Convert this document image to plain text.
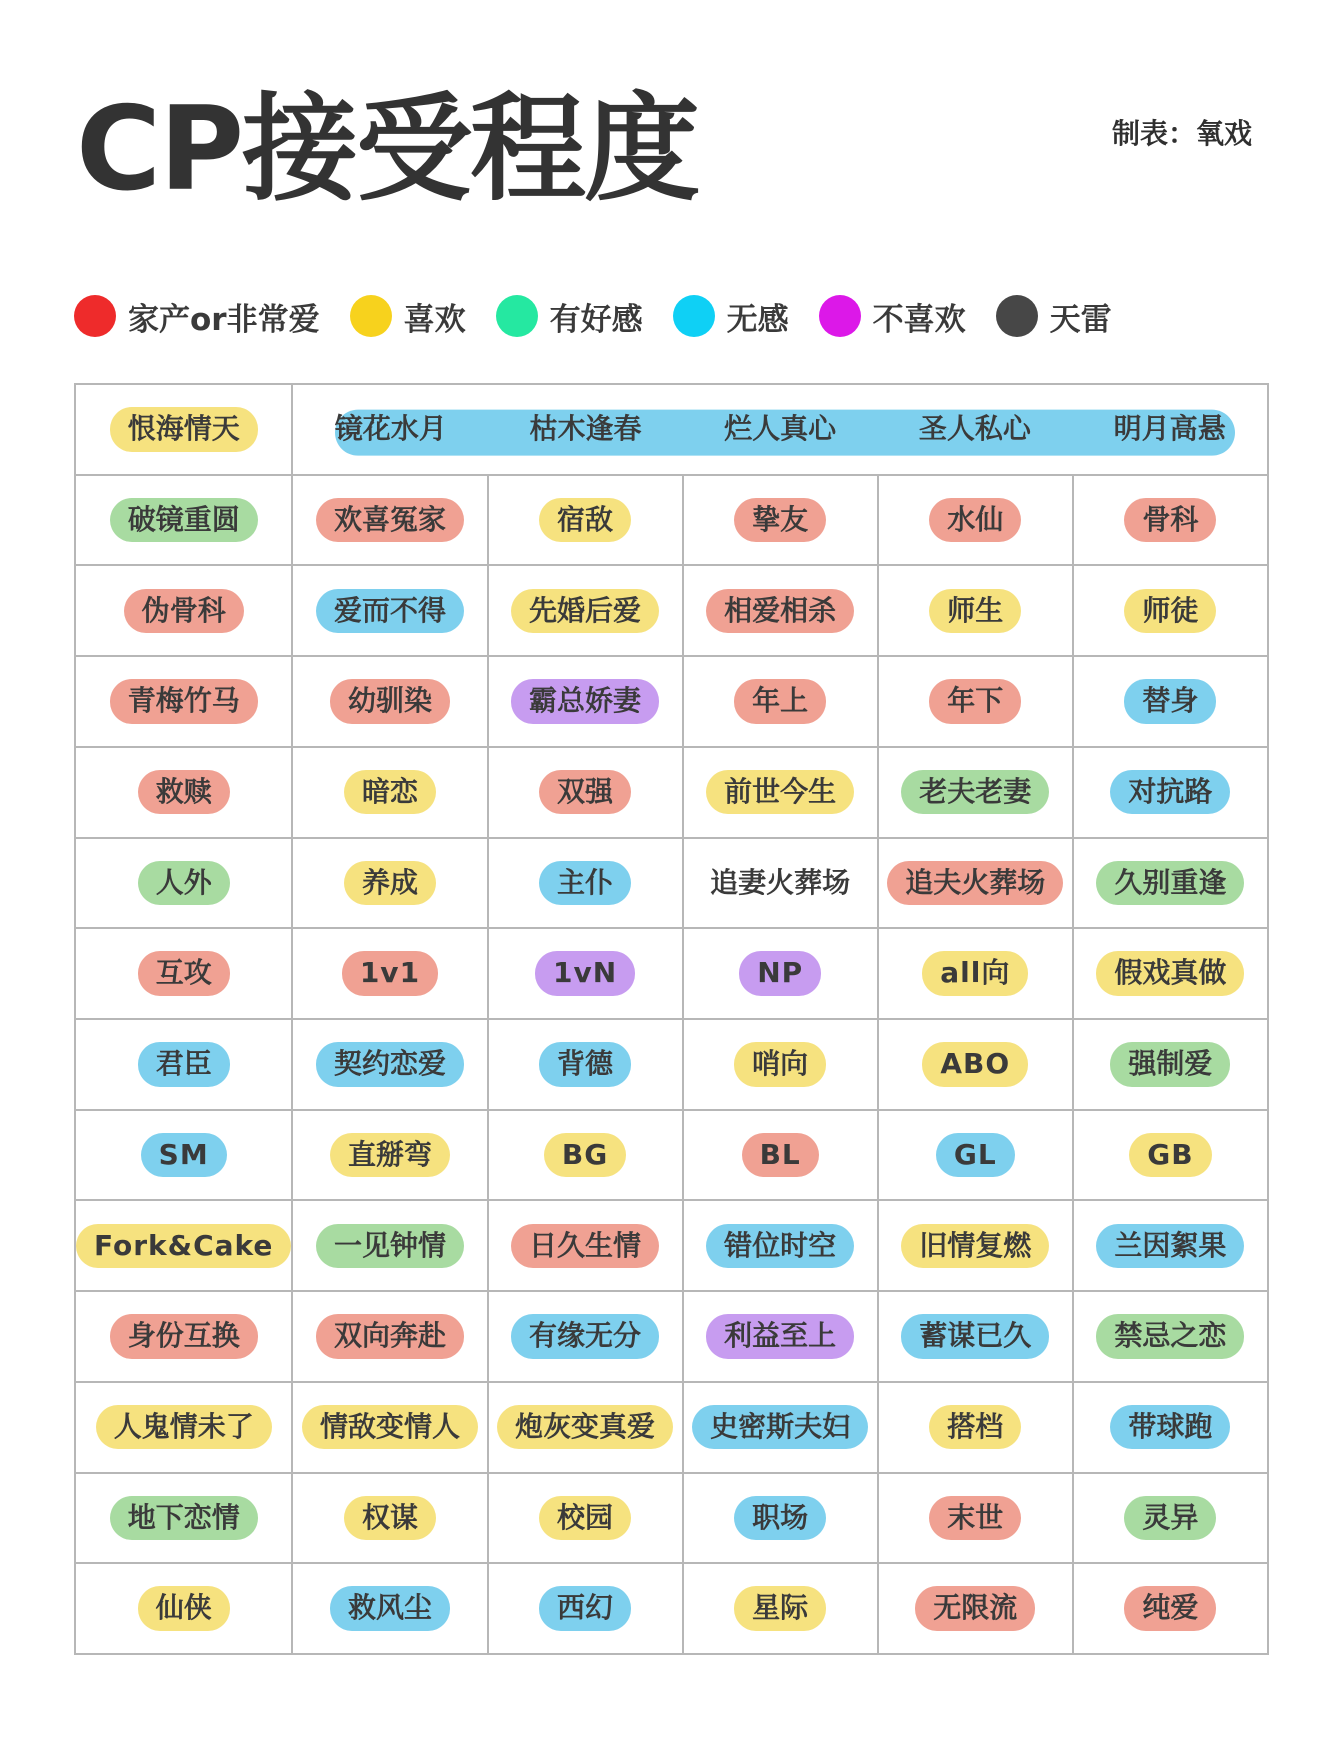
CP接受程度	制表：氧戏
家产or非常爱	喜欢	有好感	无感	不喜欢	天雷
恨海情天	镜花水月	枯木逢春	烂人真心	圣人私心	明月高悬
破镜重圆	欢喜冤家	宿敌	挚友	水仙	骨科
伪骨科	爱而不得	先婚后爱	相爱相杀	师生	师徒
青梅竹马	幼驯染	霸总娇妻	年上	年下	替身
救赎	暗恋	双强	前世今生	老夫老妻	对抗路
人外	养成	主仆	追妻火葬场	追夫火葬场	久别重逢
互攻	1v1	1vN	NP	all向	假戏真做
君臣	契约恋爱	背德	哨向	ABO	强制爱
SM	直掰弯	BG	BL	GL	GB
Fork&Cake	一见钟情	日久生情	错位时空	旧情复燃	兰因絮果
身份互换	双向奔赴	有缘无分	利益至上	蓄谋已久	禁忌之恋
人鬼情未了	情敌变情人	炮灰变真爱	史密斯夫妇	搭档	带球跑
地下恋情	权谋	校园	职场	末世	灵异
仙侠	救风尘	西幻	星际	无限流	纯爱
